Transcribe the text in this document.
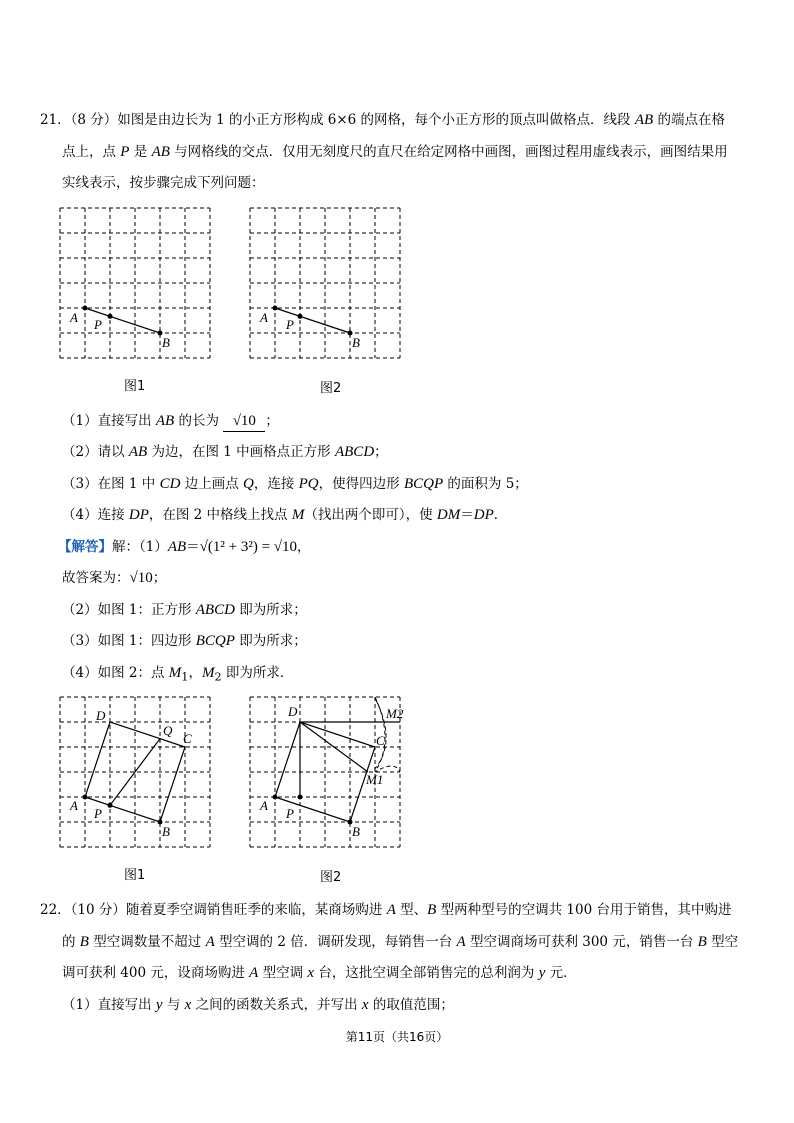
21．（8 分）如图是由边长为 1 的小正方形构成 6×6 的网格，每个小正方形的顶点叫做格点．线段 AB 的端点在格
点上，点 P 是 AB 与网格线的交点．仅用无刻度尺的直尺在给定网格中画图，画图过程用虚线表示，画图结果用
实线表示，按步骤完成下列问题：
A P
B
A P
B
A
P
B
C
D
Q
A
P
B
C
D
M1
M2
图1	图2
（1）直接写出 AB 的长为 √10 ；
（2）请以 AB 为边，在图 1 中画格点正方形 ABCD；
（3）在图 1 中 CD 边上画点 Q，连接 PQ，使得四边形 BCQP 的面积为 5；
（4）连接 DP，在图 2 中格线上找点 M（找出两个即可），使 DM＝DP．
【解答】解：（1）AB＝√(1² + 3²) = √10，
故答案为：√10；
（2）如图 1：正方形 ABCD 即为所求；
（3）如图 1：四边形 BCQP 即为所求；
（4）如图 2：点 $M_1$，$M_2$ 即为所求．
图1	图2
22．（10 分）随着夏季空调销售旺季的来临，某商场购进 A 型、B 型两种型号的空调共 100 台用于销售，其中购进
的 B 型空调数量不超过 A 型空调的 2 倍．调研发现，每销售一台 A 型空调商场可获利 300 元，销售一台 B 型空
调可获利 400 元，设商场购进 A 型空调 x 台，这批空调全部销售完的总利润为 y 元．
（1）直接写出 y 与 x 之间的函数关系式，并写出 x 的取值范围；
第11页（共16页）
